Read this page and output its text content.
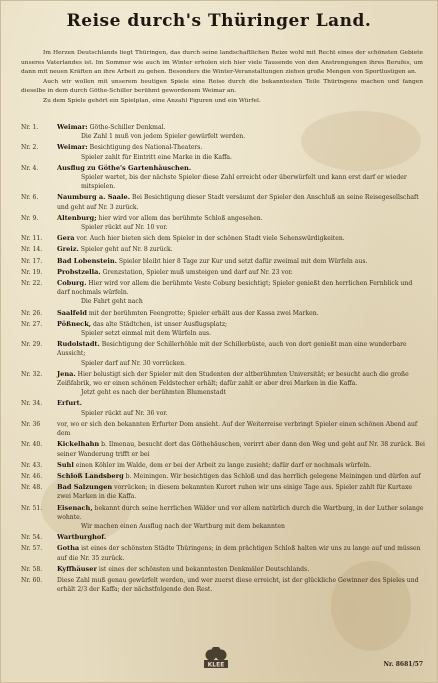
Reise durch's Thüringer Land.

Im Herzen Deutschlands liegt Thüringen, das durch seine landschaftlichen Reize wohl mit Recht eines der schönsten Gebiete unseres Vaterlandes ist. Im Sommer wie auch im Winter erholen sich hier viele Tausende von den Anstrengungen ihres Berufes, um dann mit neuen Kräften an ihre Arbeit zu gehen. Besonders die Winter-Veranstaltungen ziehen große Mengen von Sportlustigen an.

Auch wir wollen mit unserem heutigen Spiele eine Reise durch die bekanntesten Teile Thüringens machen und fangen dieselbe in dem durch Göthe-Schiller berühmt gewordenem Weimar an.

Zu dem Spiele gehört ein Spielplan, eine Anzahl Figuren und ein Würfel.

Nr. 1.	Weimar: Göthe-Schiller Denkmal.
Die Zahl 1 muß von jedem Spieler gewürfelt werden.
Nr. 2.	Weimar: Besichtigung des National-Theaters.
Spieler zahlt für Eintritt eine Marke in die Kaffa.
Nr. 4.	Ausflug zu Göthe's Gartenhäuschen.
Spieler wartet, bis der nächste Spieler diese Zahl erreicht oder überwürfelt und kann erst darf er wieder mitspielen.
Nr. 6.	Naumburg a. Saale. Bei Besichtigung dieser Stadt versäumt der Spieler den Anschluß an seine Reisegesellschaft und geht auf Nr. 3 zurück.
Nr. 9.	Altenburg; hier wird vor allem das berühmte Schloß angesehen.
Spieler rückt auf Nr. 10 vor.
Nr. 11.	Gera vor. Auch hier bieten sich dem Spieler in der schönen Stadt viele Sehenswürdigkeiten.
Nr. 14.	Greiz. Spieler geht auf Nr. 8 zurück.
Nr. 17.	Bad Lobenstein. Spieler bleibt hier 8 Tage zur Kur und setzt dafür zweimal mit dem Würfeln aus.
Nr. 19.	Probstzella. Grenzstation, Spieler muß umsteigen und darf auf Nr. 23 vor.
Nr. 22.	Coburg. Hier wird vor allem die berühmte Veste Coburg besichtigt; Spieler genießt den herrlichen Fernblick und darf nochmals würfeln.
Die Fahrt geht nach
Nr. 26.	Saalfeld mit der berühmten Feengrotte; Spieler erhält aus der Kassa zwei Marken.
Nr. 27.	Pößneck, das alte Städtchen, ist unser Ausflugsplatz;
Spieler setzt einmal mit dem Würfeln aus.
Nr. 29.	Rudolstadt. Besichtigung der Schillerhöhle mit der Schillerbüste, auch von dort genießt man eine wunderbare Aussicht;
Spieler darf auf Nr. 30 vorrücken.
Nr. 32.	Jena. Hier belustigt sich der Spieler mit den Studenten der altberühmten Universität; er besucht auch die große Zeißfabrik, wo er einen schönen Feldstecher erhält; dafür zahlt er aber drei Marken in die Kaffa.
Jetzt geht es nach der berühmten Blumenstadt
Nr. 34.	Erfurt.
Spieler rückt auf Nr. 36 vor.
Nr. 36	vor, wo er sich den bekannten Erfurter Dom ansieht. Auf der Weiterreise verbringt Spieler einen schönen Abend auf dem
Nr. 40.	Kickelhahn b. Ilmenau, besucht dort das Göthehäuschen, verirrt aber dann den Weg und geht auf Nr. 38 zurück. Bei seiner Wanderung trifft er bei
Nr. 43.	Suhl einen Köhler im Walde, dem er bei der Arbeit zu lange zusieht; dafür darf er nochmals würfeln.
Nr. 46.	Schloß Landsberg b. Meiningen. Wir besichtigen das Schloß und das herrlich gelegene Meiningen und dürfen auf
Nr. 48.	Bad Salzungen vorrücken; in diesem bekannten Kurort ruhen wir uns einige Tage aus. Spieler zahlt für Kurtaxe zwei Marken in die Kaffa.
Nr. 51.	Eisenach, bekannt durch seine herrlichen Wälder und vor allem natürlich durch die Wartburg, in der Luther solange wohnte.
Wir machen einen Ausflug nach der Wartburg mit dem bekannten
Nr. 54.	Wartburghof.
Nr. 57.	Gotha ist eines der schönsten Städte Thüringens; in dem prächtigen Schloß halten wir uns zu lange auf und müssen auf die Nr. 35 zurück.
Nr. 58.	Kyffhäuser ist eines der schönsten und bekanntesten Denkmäler Deutschlands.
Nr. 60.	Diese Zahl muß genau gewürfelt werden, und wer zuerst diese erreicht, ist der glückliche Gewinner des Spieles und erhält 2/3 der Kaffa; der nächstfolgende den Rest.
KLEE	Nr. 8681/57
